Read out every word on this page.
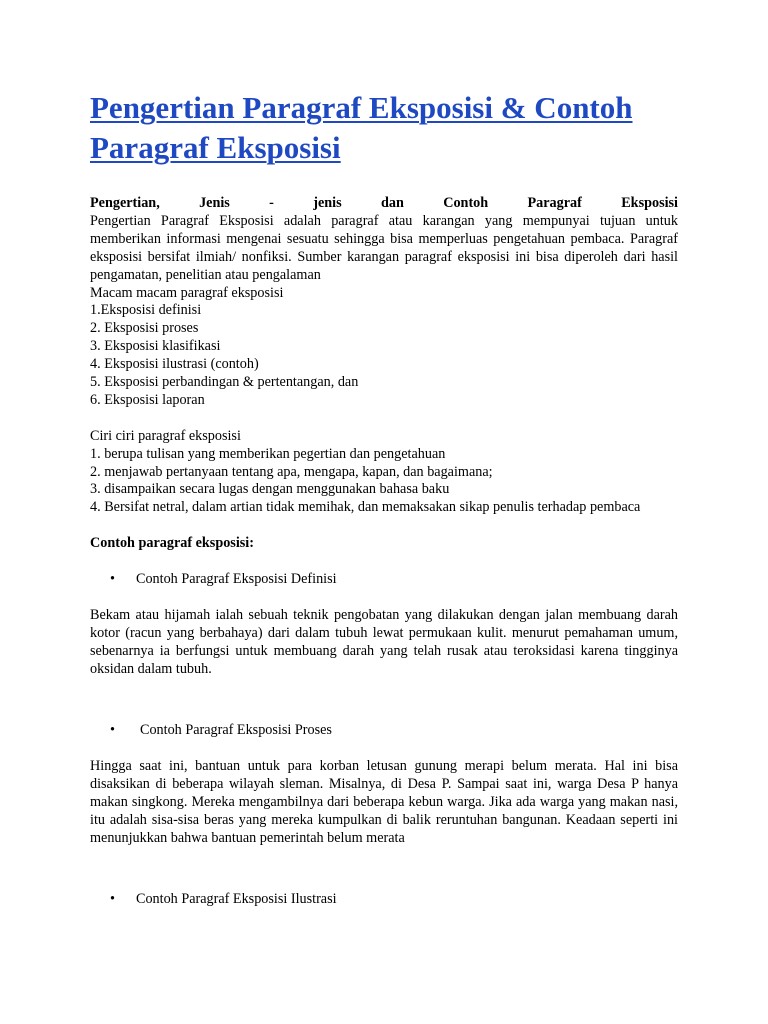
Pengertian Paragraf Eksposisi & Contoh Paragraf Eksposisi
Pengertian, Jenis - jenis dan Contoh Paragraf Eksposisi
Pengertian Paragraf Eksposisi adalah paragraf atau karangan yang mempunyai tujuan untuk memberikan informasi mengenai sesuatu sehingga bisa memperluas pengetahuan pembaca. Paragraf eksposisi bersifat ilmiah/ nonfiksi. Sumber karangan paragraf eksposisi ini bisa diperoleh dari hasil pengamatan, penelitian atau pengalaman
Macam macam paragraf eksposisi
1.Eksposisi definisi
2. Eksposisi proses
3. Eksposisi klasifikasi
4. Eksposisi ilustrasi (contoh)
5. Eksposisi perbandingan & pertentangan, dan
6. Eksposisi laporan
Ciri ciri paragraf eksposisi
1. berupa tulisan yang memberikan pegertian dan pengetahuan
2. menjawab pertanyaan tentang apa, mengapa, kapan, dan bagaimana;
3. disampaikan secara lugas dengan menggunakan bahasa baku
4. Bersifat netral, dalam artian tidak memihak, dan memaksakan sikap penulis terhadap pembaca
Contoh paragraf eksposisi:
• Contoh Paragraf Eksposisi Definisi
Bekam atau hijamah ialah sebuah teknik pengobatan yang dilakukan dengan jalan membuang darah kotor (racun yang berbahaya) dari dalam tubuh lewat permukaan kulit. menurut pemahaman umum, sebenarnya ia berfungsi untuk membuang darah yang telah rusak atau teroksidasi karena tingginya oksidan dalam tubuh.
• Contoh Paragraf Eksposisi Proses
Hingga saat ini, bantuan untuk para korban letusan gunung merapi belum merata. Hal ini bisa disaksikan di beberapa wilayah sleman. Misalnya, di Desa P. Sampai saat ini, warga Desa P hanya makan singkong. Mereka mengambilnya dari beberapa kebun warga. Jika ada warga yang makan nasi, itu adalah sisa-sisa beras yang mereka kumpulkan di balik reruntuhan bangunan. Keadaan seperti ini menunjukkan bahwa bantuan pemerintah belum merata
• Contoh Paragraf Eksposisi Ilustrasi
